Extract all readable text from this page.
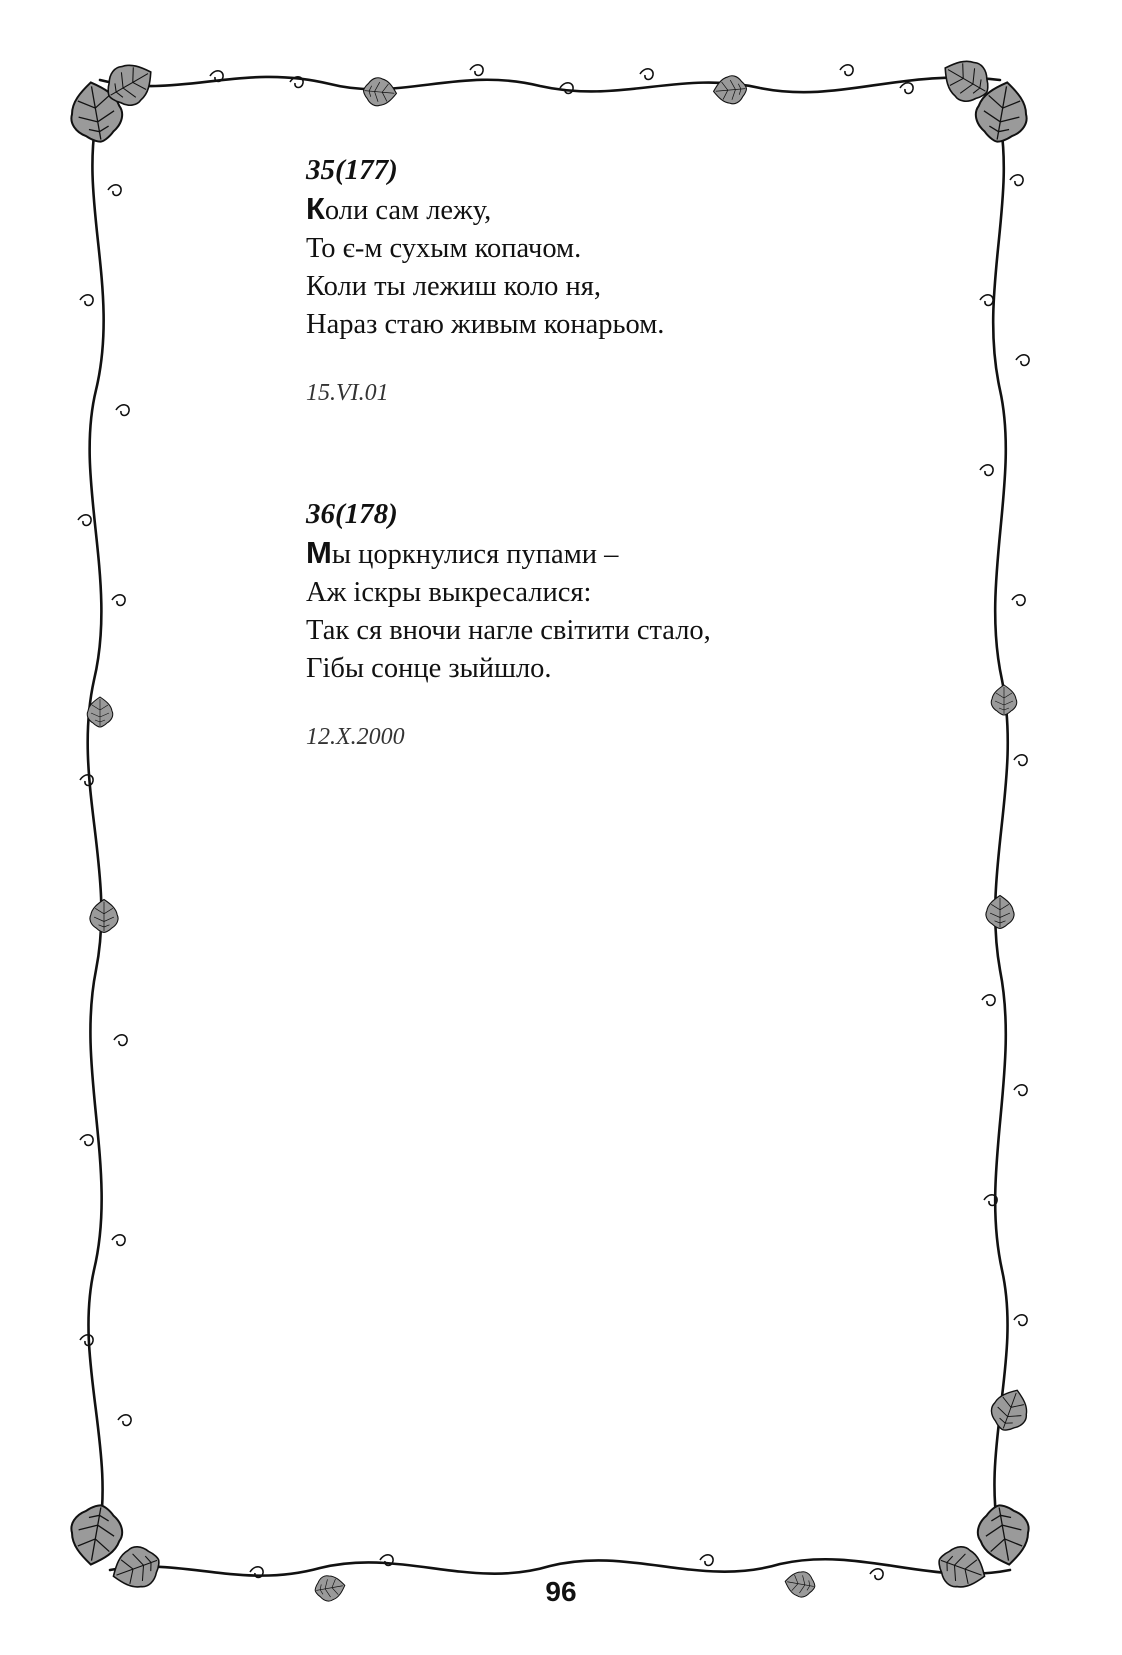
35(177)
Коли сам лежу,
То є-м сухым копачом.
Коли ты лежиш коло ня,
Нараз стаю живым конарьом.
15.VI.01
36(178)
Мы цоркнулися пупами –
Аж іскры выкресалися:
Так ся вночи нагле світити стало,
Гібы сонце зыйшло.
12.X.2000
96
